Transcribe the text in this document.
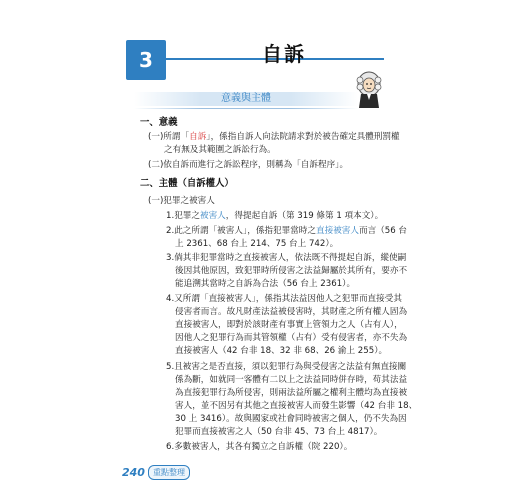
3	自訴
意義與主體
一、意義
(一)所謂「自訴」，係指自訴人向法院請求對於被告確定具體刑罰權
之有無及其範圍之訴訟行為。
(二)依自訴而進行之訴訟程序，則稱為「自訴程序」。
二、主體（自訴權人）
(一)犯罪之被害人
1.犯罪之被害人，得提起自訴（第 319 條第 1 項本文）。
2.此之所謂「被害人」，係指犯罪當時之直接被害人而言（56 台
上 2361、68 台上 214、75 台上 742）。
3.倘其非犯罪當時之直接被害人，依法既不得提起自訴，縱使嗣
後因其他原因，致犯罪時所侵害之法益歸屬於其所有，要亦不
能追溯其當時之自訴為合法（56 台上 2361）。
4.又所謂「直接被害人」，係指其法益因他人之犯罪而直接受其
侵害者而言。故凡財產法益被侵害時，其財產之所有權人固為
直接被害人，即對於該財產有事實上管領力之人（占有人），
因他人之犯罪行為而其管領權（占有）受有侵害者，亦不失為
直接被害人（42 台非 18、32 非 68、26 渝上 255）。
5.且被害之是否直接，須以犯罪行為與受侵害之法益有無直接關
係為斷，如就同一客體有二以上之法益同時併存時，苟其法益
為直接犯罪行為所侵害，則兩法益所屬之權利主體均為直接被
害人，並不因另有其他之直接被害人而發生影響（42 台非 18、
30 上 3416）。故與國家或社會同時被害之個人，仍不失為因
犯罪而直接被害之人（50 台非 45、73 台上 4817）。
6.多數被害人，其各有獨立之自訴權（院 220）。
240	重點整理
